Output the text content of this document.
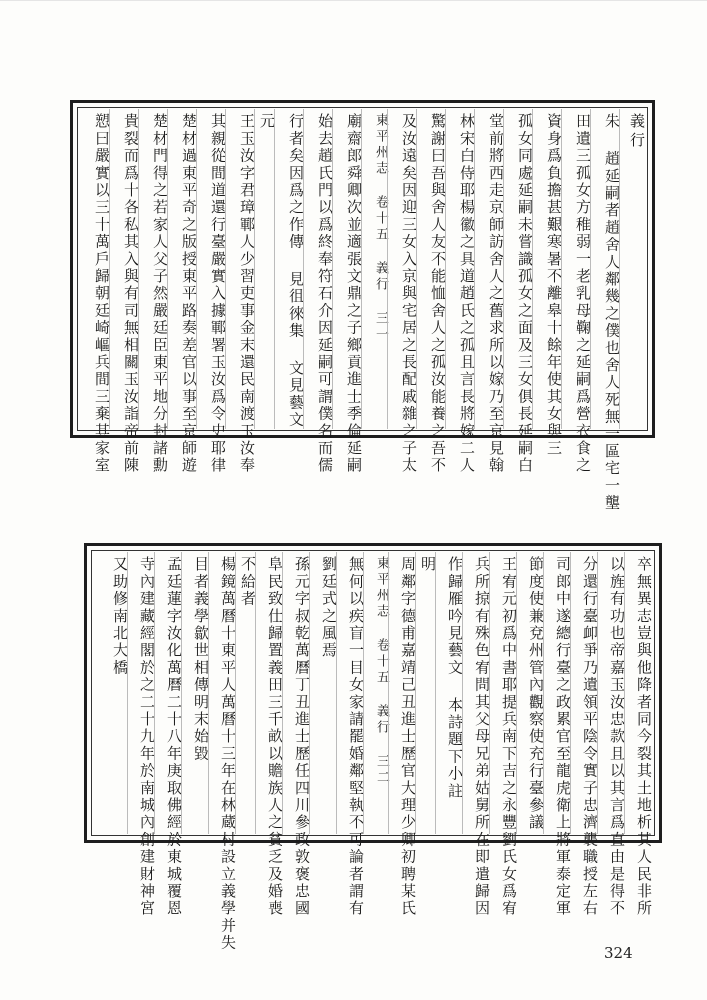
義行
朱 趙延嗣者趙舍人鄰幾之僕也舍人死無一區宅一壟
田遺三孤女方稚弱一老乳母鞠之延嗣爲營衣食之
資身爲負擔甚艱寒暑不離皋十餘年使其女與三
孤女同處延嗣未嘗識孤女之面及三女俱長延嗣白
堂前將西走京師訪舍人之舊求所以嫁乃至京見翰
林宋白侍耶楊徽之具道趙氏之孤且言長將嫁二人
驚謝曰吾與舍人友不能恤舍人之孤汝能養之吾不
及汝遠矣因迎三女入京與宅居之長配戚雜之子太
東平州志 卷十五 義行 三一
廟齋郎舜卿次並適張文鼎之子鄉貢進士季倫延嗣
始去趙氏門以爲終奉符石介因延嗣可謂僕名而儒
行者矣因爲之作傳 見徂徠集 文見藝文
元
王玉汝字君璋鄆人少習吏事金末還民南渡玉汝奉
其親從間道還行臺嚴實入據鄆署玉汝爲令史耶律
楚材過東平奇之版授東平路奏差官以事至京師遊
楚材門得之若家人父子然嚴廷臣東平地分封諸勳
貴裂而爲十各私其入與有司無相關玉汝詣帝前陳
愬曰嚴實以三十萬戶歸朝廷崎嶇兵間三棄其家室
卒無異志豈與他降者同今裂其土地析其人民非所
以旌有功也帝嘉玉汝忠款且以其言爲直由是得不
分還行臺卹爭乃遺領平陰令實子忠濟襲職授左右
司郎中遂總行臺之政累官至龍虎衛上將軍泰定軍
節度使兼兗州管內觀察使充行臺參議
王宥元初爲中書耶提兵南下吉之永豐劉氏女爲宥
兵所掠有殊色宥問其父母兄弟姑舅所在即遣歸因
作歸雁吟見藝文 本詩題下小註
明
周鄰字德甫嘉靖己丑進士歷官大理少卿初聘某氏
東平州志 卷十五 義行 三二
無何以疾盲一目女家請罷婚鄰堅執不可論者謂有
劉廷式之風焉
孫元字叔乾萬曆丁丑進士歷任四川參政敦褒忠國
阜民致仕歸置義田三千畝以贍族人之貧乏及婚喪
不給者
楊鏡萬曆十東平人萬曆十三年在林蔵村設立義學并失
目者義學歙世相傳明末始毀
孟廷蓮字汝化萬曆二十八年庚取佛經於東城覆恩
寺內建藏經閣於之二十九年於南城內創建財神宮
又助修南北大橋
324
